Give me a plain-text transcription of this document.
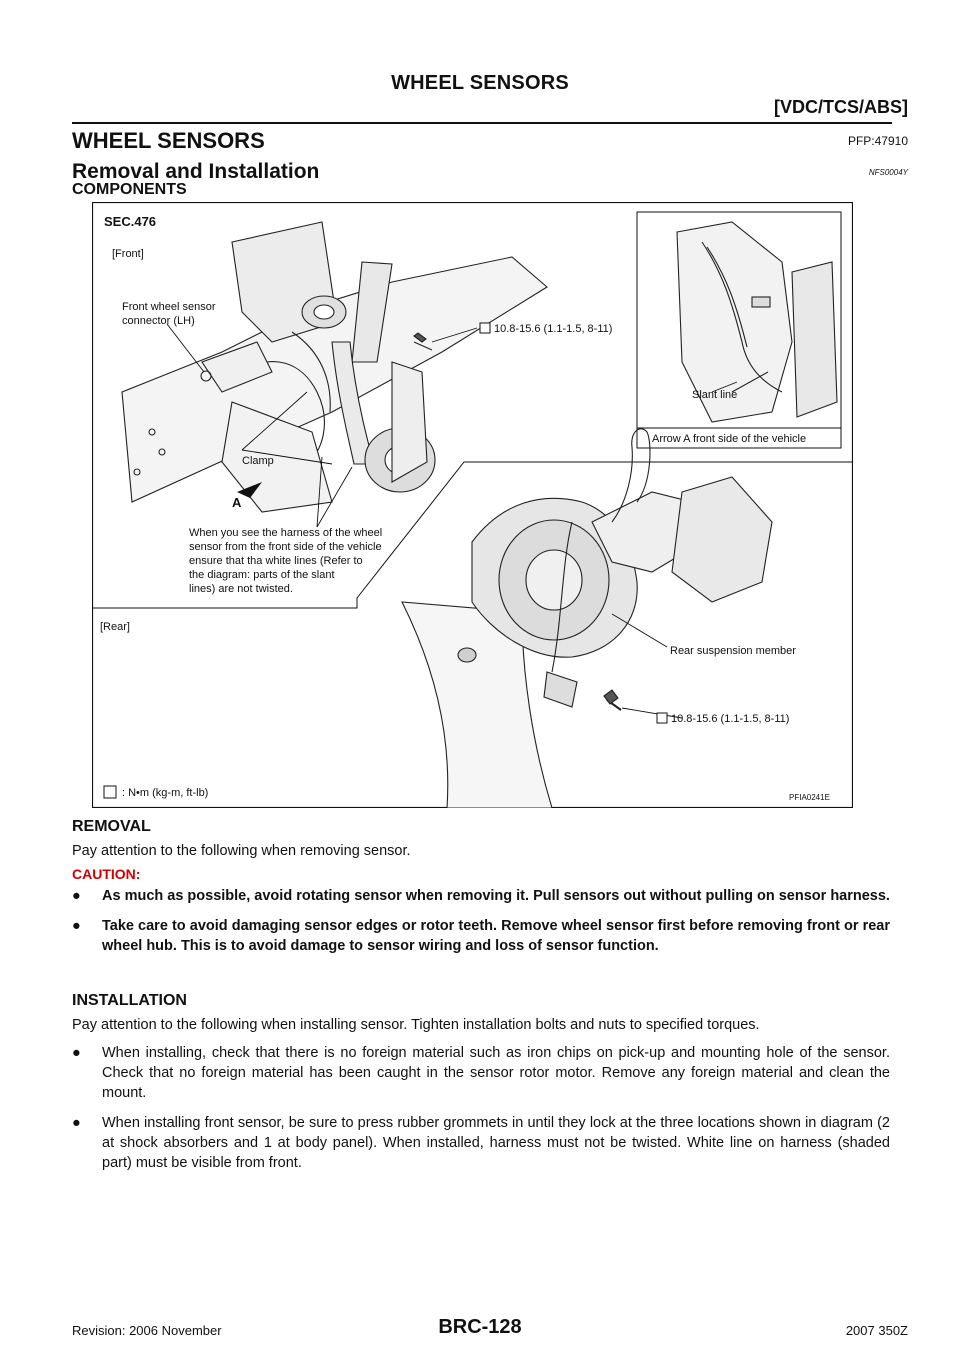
WHEEL SENSORS
[VDC/TCS/ABS]
WHEEL SENSORS	PFP:47910
Removal and Installation	NFS0004Y
COMPONENTS
SEC.476
[Front]
Front wheel sensor
connector (LH)
10.8-15.6 (1.1-1.5, 8-11)
Clamp
A
Slant line
Arrow A front side of the vehicle
When you see the harness of the wheel
sensor from the front side of the vehicle
ensure that tha white lines (Refer to
the diagram: parts of the slant
lines) are not twisted.
[Rear]
Rear suspension member
10.8-15.6 (1.1-1.5, 8-11)
: N•m (kg-m, ft-lb)	PFIA0241E
REMOVAL
Pay attention to the following when removing sensor.
CAUTION:
● As much as possible, avoid rotating sensor when removing it. Pull sensors out without pulling on sensor harness.
● Take care to avoid damaging sensor edges or rotor teeth. Remove wheel sensor first before removing front or rear wheel hub. This is to avoid damage to sensor wiring and loss of sensor function.
INSTALLATION
Pay attention to the following when installing sensor. Tighten installation bolts and nuts to specified torques.
● When installing, check that there is no foreign material such as iron chips on pick-up and mounting hole of the sensor. Check that no foreign material has been caught in the sensor rotor motor. Remove any foreign material and clean the mount.
● When installing front sensor, be sure to press rubber grommets in until they lock at the three locations shown in diagram (2 at shock absorbers and 1 at body panel). When installed, harness must not be twisted. White line on harness (shaded part) must be visible from front.
Revision: 2006 November	BRC-128	2007 350Z
